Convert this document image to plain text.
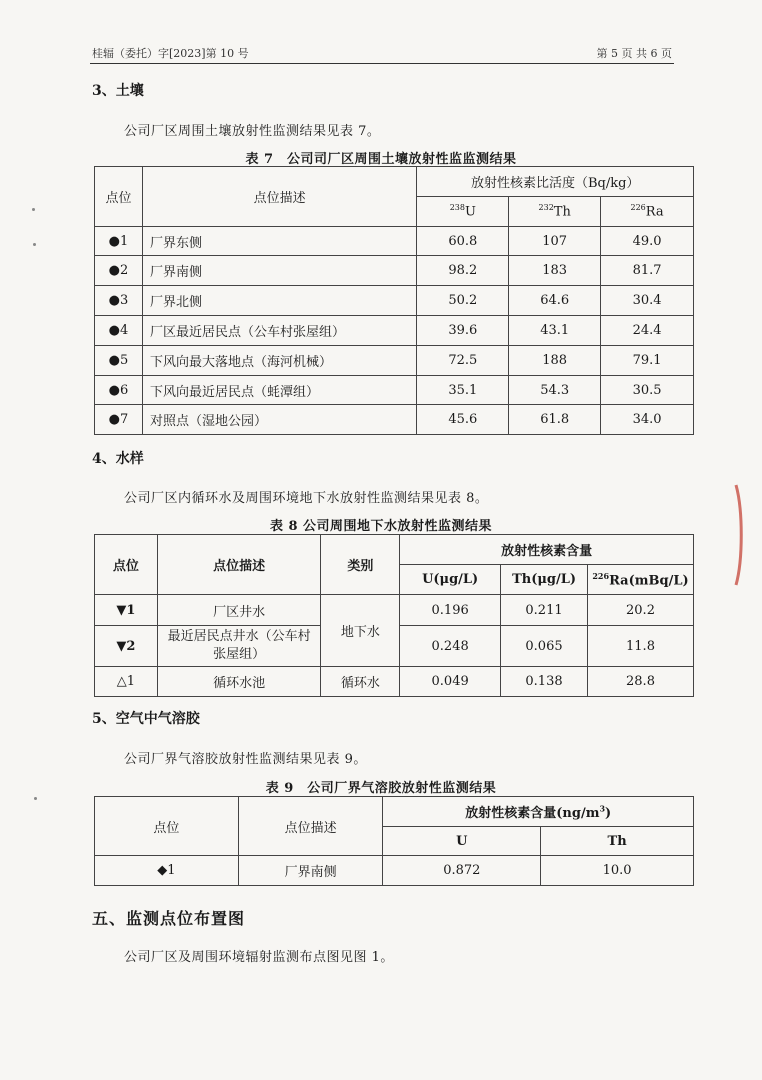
桂辐（委托）字[2023]第 10 号	第 5 页 共 6 页
3、土壤
公司厂区周围土壤放射性监测结果见表 7。
表 7　公司司厂区周围土壤放射性监监测结果
点位	点位描述	放射性核素比活度（Bq/kg）		
		$^{238}$U	$^{232}$Th	$^{226}$Ra
●1	厂界东侧	60.8	107	49.0
●2	厂界南侧	98.2	183	81.7
●3	厂界北侧	50.2	64.6	30.4
●4	厂区最近居民点（公车村张屋组）	39.6	43.1	24.4
●5	下风向最大落地点（海河机械）	72.5	188	79.1
●6	下风向最近居民点（蚝潭组）	35.1	54.3	30.5
●7	对照点（湿地公园）	45.6	61.8	34.0
4、水样
公司厂区内循环水及周围环境地下水放射性监测结果见表 8。
表 8 公司周围地下水放射性监测结果
点位	点位描述	类别	放射性核素含量		
			U(μg/L)	Th(μg/L)	$^{226}$Ra(mBq/L)
▼1	厂区井水	地下水	0.196	0.211	20.2
▼2	最近居民点井水（公车村张屋组）		0.248	0.065	11.8
△1	循环水池	循环水	0.049	0.138	28.8
5、空气中气溶胶
公司厂界气溶胶放射性监测结果见表 9。
表 9　公司厂界气溶胶放射性监测结果
点位	点位描述	放射性核素含量$(ng/m^3)$	
		U	Th
◆1	厂界南侧	0.872	10.0
五、监测点位布置图
公司厂区及周围环境辐射监测布点图见图 1。
